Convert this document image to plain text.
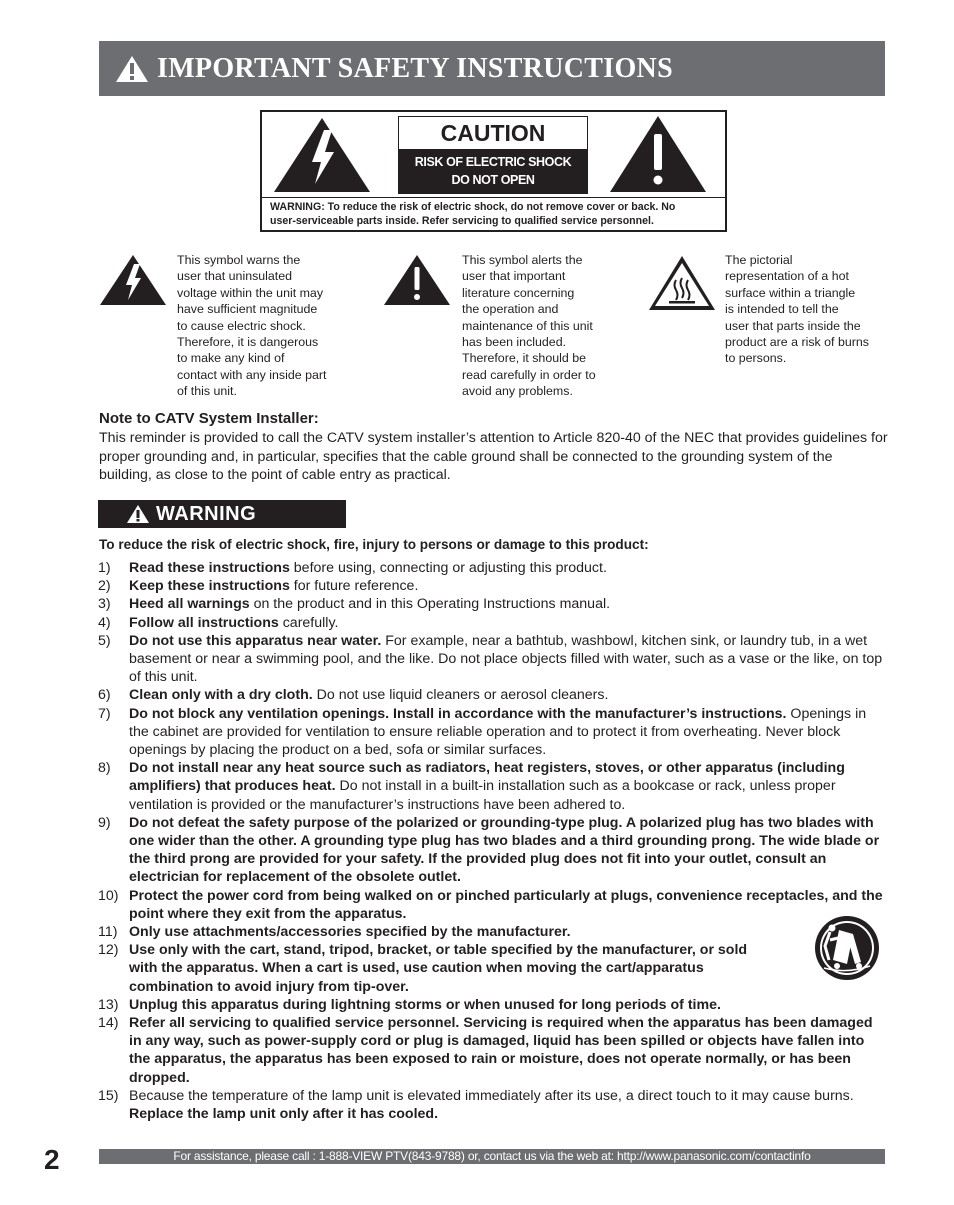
IMPORTANT SAFETY INSTRUCTIONS
CAUTION
RISK OF ELECTRIC SHOCK
DO NOT OPEN
WARNING: To reduce the risk of electric shock, do not remove cover or back. No
user-serviceable parts inside. Refer servicing to qualified service personnel.
This symbol warns the
user that uninsulated
voltage within the unit may
have sufficient magnitude
to cause electric shock.
Therefore, it is dangerous
to make any kind of
contact with any inside part
of this unit.
This symbol alerts the
user that important
literature concerning
the operation and
maintenance of this unit
has been included.
Therefore, it should be
read carefully in order to
avoid any problems.
The pictorial
representation of a hot
surface within a triangle
is intended to tell the
user that parts inside the
product are a risk of burns
to persons.
Note to CATV System Installer:
This reminder is provided to call the CATV system installer’s attention to Article 820-40 of the NEC that provides guidelines for proper grounding and, in particular, specifies that the cable ground shall be connected to the grounding system of the building, as close to the point of cable entry as practical.
WARNING
To reduce the risk of electric shock, fire, injury to persons or damage to this product:
1)	Read these instructions before using, connecting or adjusting this product.
2)	Keep these instructions for future reference.
3)	Heed all warnings on the product and in this Operating Instructions manual.
4)	Follow all instructions carefully.
5)	Do not use this apparatus near water. For example, near a bathtub, washbowl, kitchen sink, or laundry tub, in a wet basement or near a swimming pool, and the like. Do not place objects filled with water, such as a vase or the like, on top of this unit.
6)	Clean only with a dry cloth. Do not use liquid cleaners or aerosol cleaners.
7)	Do not block any ventilation openings. Install in accordance with the manufacturer’s instructions. Openings in the cabinet are provided for ventilation to ensure reliable operation and to protect it from overheating. Never block openings by placing the product on a bed, sofa or similar surfaces.
8)	Do not install near any heat source such as radiators, heat registers, stoves, or other apparatus (including amplifiers) that produces heat. Do not install in a built-in installation such as a bookcase or rack, unless proper ventilation is provided or the manufacturer’s instructions have been adhered to.
9)	Do not defeat the safety purpose of the polarized or grounding-type plug. A polarized plug has two blades with one wider than the other. A grounding type plug has two blades and a third grounding prong. The wide blade or the third prong are provided for your safety. If the provided plug does not fit into your outlet, consult an electrician for replacement of the obsolete outlet.
10) Protect the power cord from being walked on or pinched particularly at plugs, convenience receptacles, and the point where they exit from the apparatus.
11) Only use attachments/accessories specified by the manufacturer.
12) Use only with the cart, stand, tripod, bracket, or table specified by the manufacturer, or sold with the apparatus. When a cart is used, use caution when moving the cart/apparatus combination to avoid injury from tip-over.
13) Unplug this apparatus during lightning storms or when unused for long periods of time.
14) Refer all servicing to qualified service personnel. Servicing is required when the apparatus has been damaged in any way, such as power-supply cord or plug is damaged, liquid has been spilled or objects have fallen into the apparatus, the apparatus has been exposed to rain or moisture, does not operate normally, or has been dropped.
15) Because the temperature of the lamp unit is elevated immediately after its use, a direct touch to it may cause burns. Replace the lamp unit only after it has cooled.
2	For assistance, please call : 1-888-VIEW PTV(843-9788) or, contact us via the web at: http://www.panasonic.com/contactinfo
